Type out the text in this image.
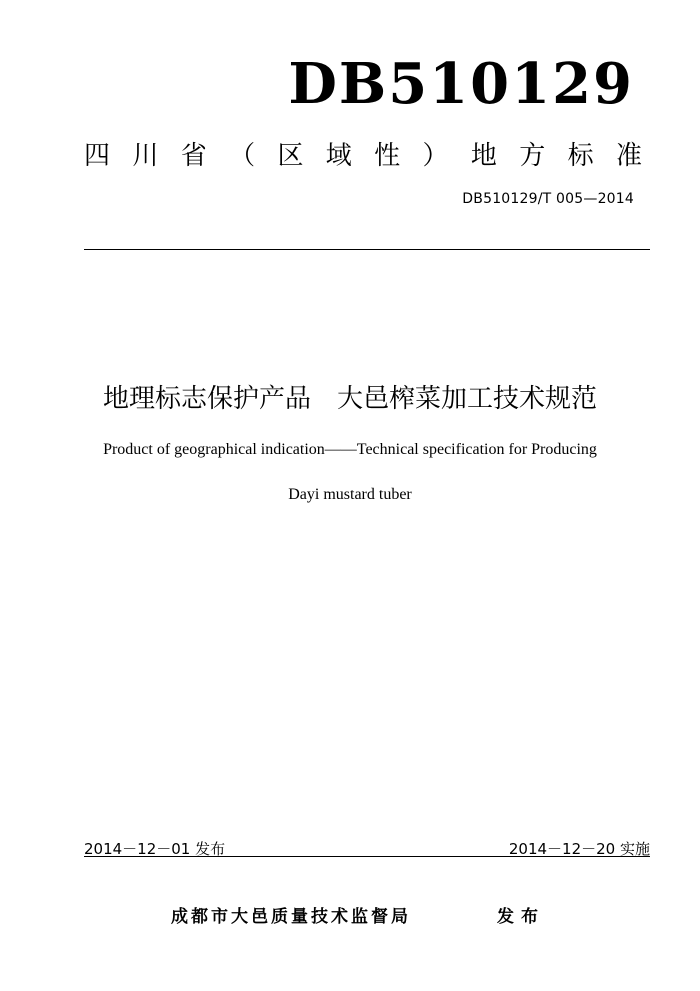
DB510129
四 川 省 （ 区 域 性 ） 地 方 标 准
DB510129/T 005—2014
地理标志保护产品　大邑榨菜加工技术规范
Product of geographical indication——Technical specification for Producing
Dayi mustard tuber
2014－12－01 发布	2014－12－20 实施
成都市大邑质量技术监督局	发布
